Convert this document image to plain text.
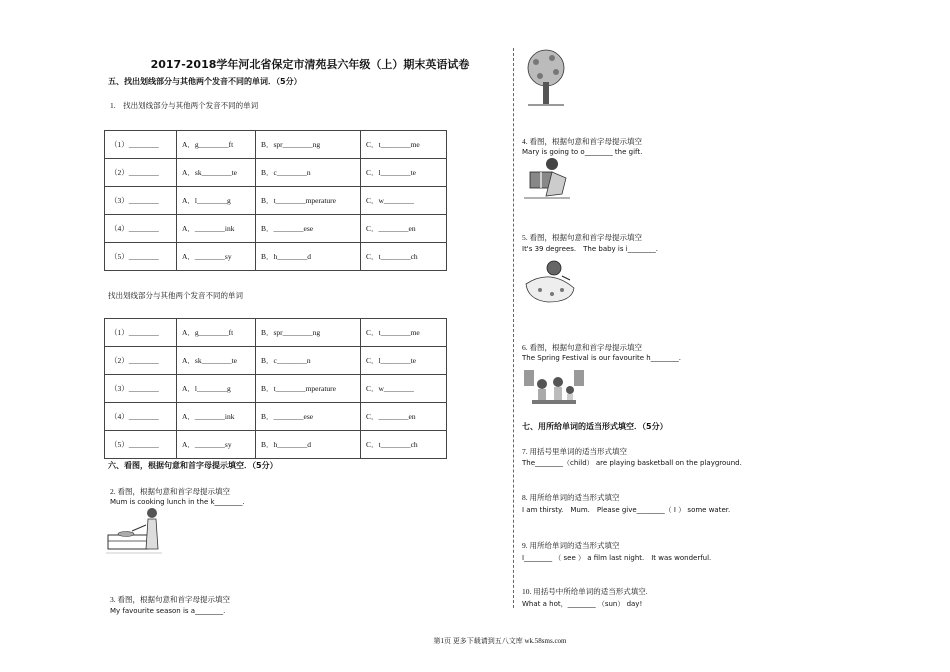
2017-2018学年河北省保定市清苑县六年级（上）期末英语试卷
五、找出划线部分与其他两个发音不同的单词．（5分）
1.　找出划线部分与其他两个发音不同的单词
（1）________	A．g________ft	B．spr________ng	C．t________me
（2）________	A．sk________te	B．c________n	C．l________te
（3）________	A．l________g	B．t________mperature	C．w________
（4）________	A．________ink	B．________ese	C．________en
（5）________	A．________sy	B．h________d	C．t________ch
找出划线部分与其他两个发音不同的单词
（1）________	A．g________ft	B．spr________ng	C．t________me
（2）________	A．sk________te	B．c________n	C．l________te
（3）________	A．l________g	B．t________mperature	C．w________
（4）________	A．________ink	B．________ese	C．________en
（5）________	A．________sy	B．h________d	C．t________ch
六、看图，根据句意和首字母提示填空．（5分）
2. 看图，根据句意和首字母提示填空
Mum is cooking lunch in the k________.
3. 看图，根据句意和首字母提示填空
My favourite season is a________.
4. 看图，根据句意和首字母提示填空
Mary is going to o________ the gift.
5. 看图，根据句意和首字母提示填空
It's 39 degrees.　The baby is i________.
6. 看图，根据句意和首字母提示填空
The Spring Festival is our favourite h________.
七、用所给单词的适当形式填空．（5分）
7. 用括号里单词的适当形式填空
The________（child） are playing basketball on the playground.
8. 用所给单词的适当形式填空
I am thirsty.　Mum.　Please give________（ I ） some water.
9. 用所给单词的适当形式填空
I________ （ see ） a film last night.　It was wonderful.
10. 用括号中所给单词的适当形式填空.
What a hot，________ （sun） day!
第1页 更多下载请到五八文库 wk.58sms.com
